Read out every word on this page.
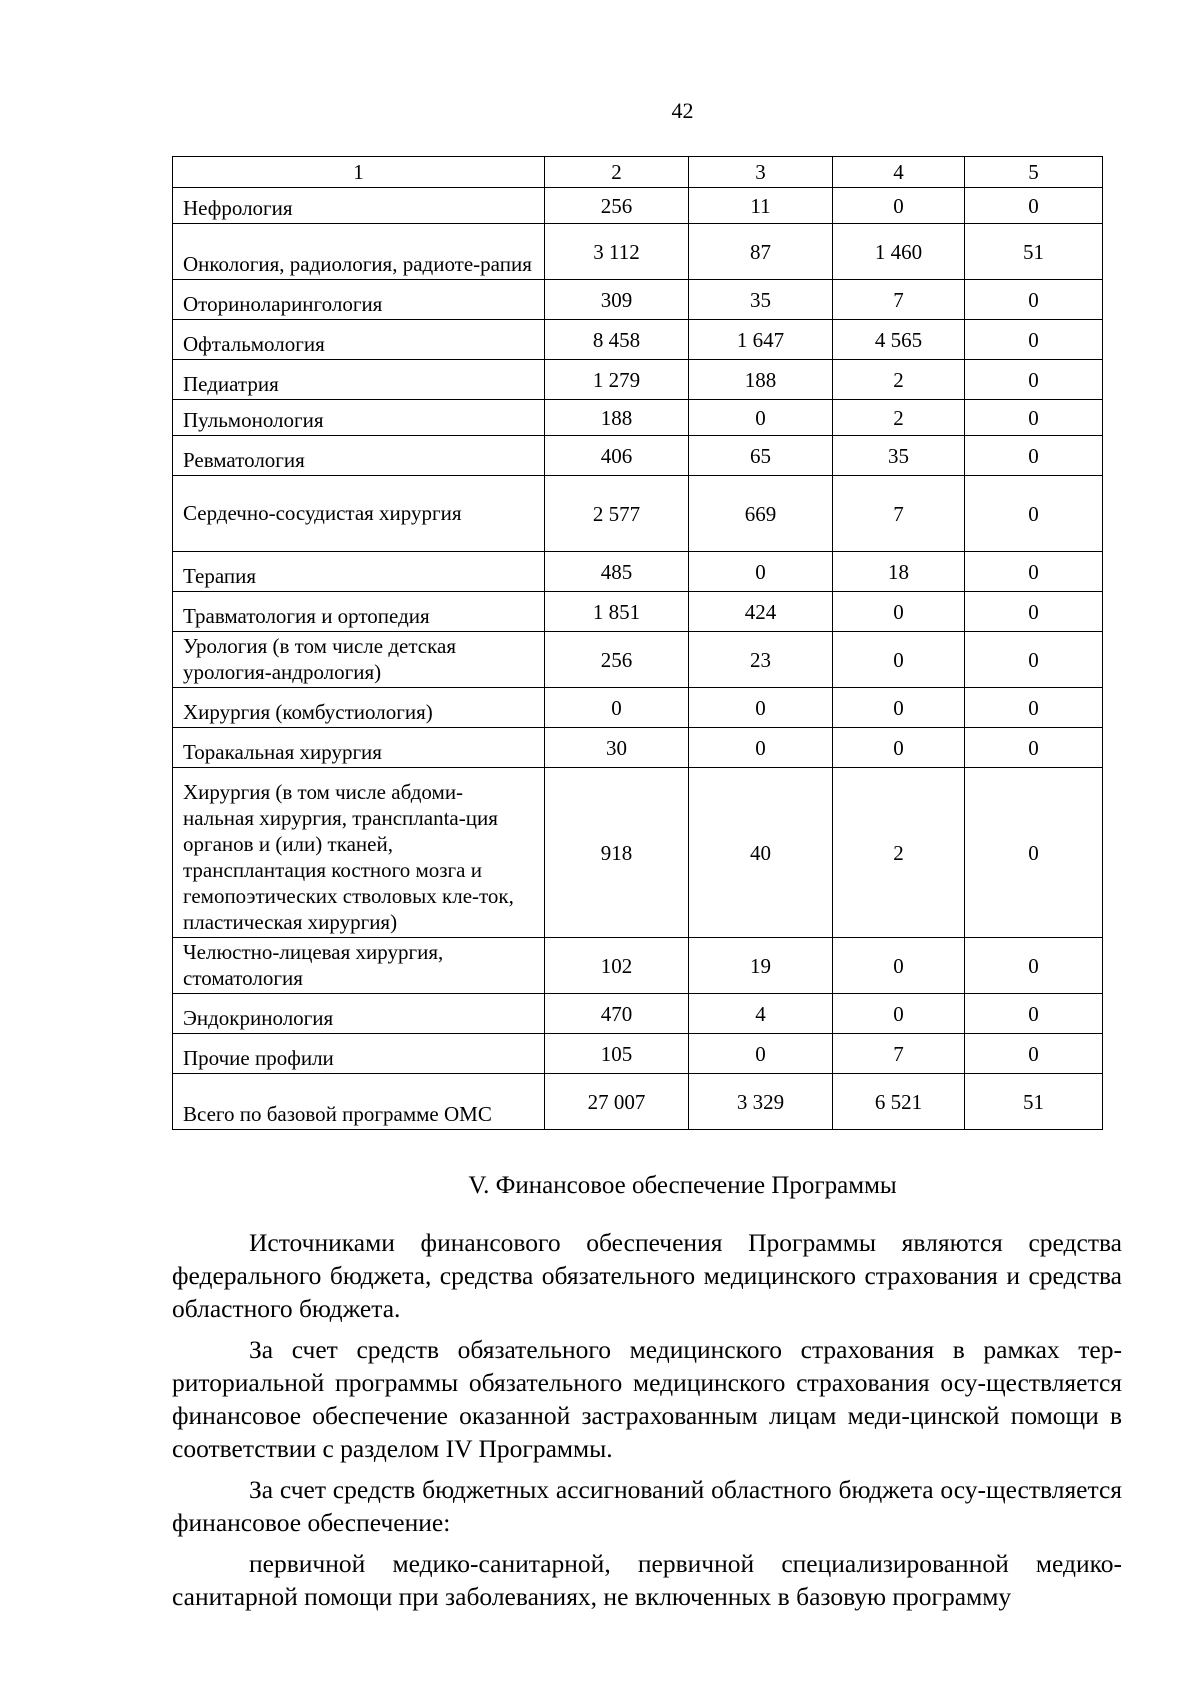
42
1	2	3	4	5
Нефрология	256	11	0	0
Онкология, радиология, радиоте-рапия	3 112	87	1 460	51
Оториноларингология	309	35	7	0
Офтальмология	8 458	1 647	4 565	0
Педиатрия	1 279	188	2	0
Пульмонология	188	0	2	0
Ревматология	406	65	35	0
Сердечно-сосудистая хирургия	2 577	669	7	0
Терапия	485	0	18	0
Травматология и ортопедия	1 851	424	0	0
Урология (в том числе детская урология-андрология)	256	23	0	0
Хирургия (комбустиология)	0	0	0	0
Торакальная хирургия	30	0	0	0
Хирургия (в том числе абдоми-нальная хирургия, трансплanta-ция органов и (или) тканей, трансплантация костного мозга и гемопоэтических стволовых кле-ток, пластическая хирургия)	918	40	2	0
Челюстно-лицевая хирургия, стоматология	102	19	0	0
Эндокринология	470	4	0	0
Прочие профили	105	0	7	0
Всего по базовой программе ОМС	27 007	3 329	6 521	51
V. Финансовое обеспечение Программы

Источниками финансового обеспечения Программы являются средства федерального бюджета, средства обязательного медицинского страхования и средства областного бюджета.

За счет средств обязательного медицинского страхования в рамках тер-риториальной программы обязательного медицинского страхования осу-ществляется финансовое обеспечение оказанной застрахованным лицам меди-цинской помощи в соответствии с разделом IV Программы.

За счет средств бюджетных ассигнований областного бюджета осу-ществляется финансовое обеспечение:

первичной медико-санитарной, первичной специализированной медико-санитарной помощи при заболеваниях, не включенных в базовую программу
